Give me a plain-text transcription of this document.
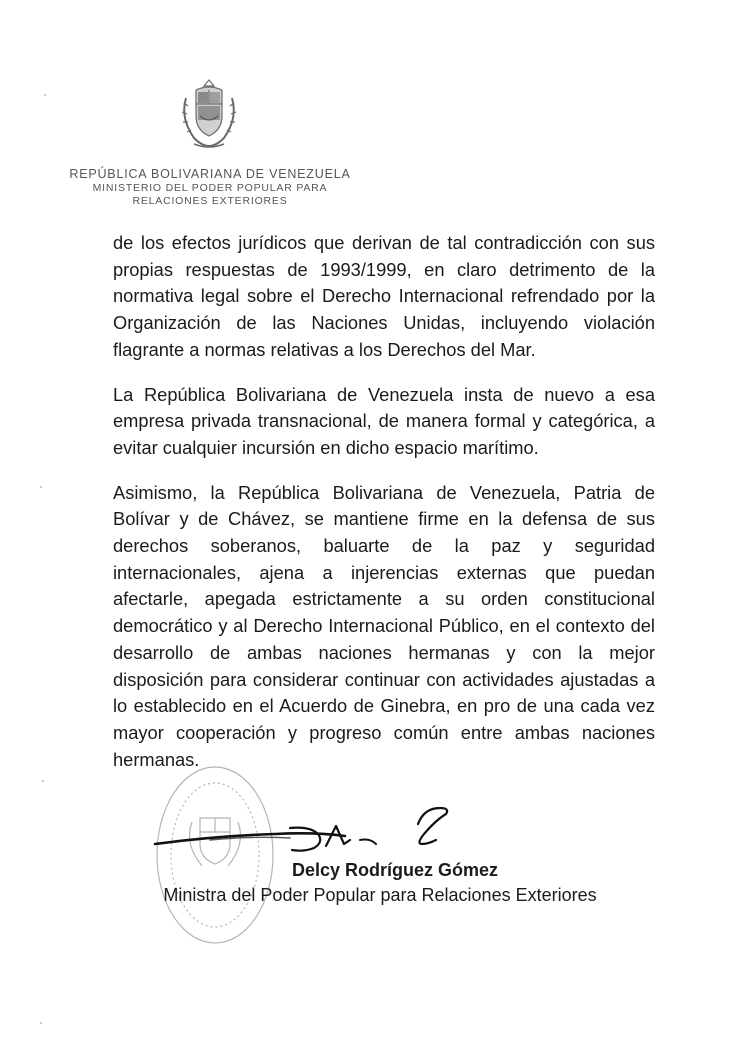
REPÚBLICA BOLIVARIANA DE VENEZUELA
MINISTERIO DEL PODER POPULAR PARA
RELACIONES EXTERIORES

de los efectos jurídicos que derivan de tal contradicción con sus propias respuestas de 1993/1999, en claro detrimento de la normativa legal sobre el Derecho Internacional refrendado por la Organización de las Naciones Unidas, incluyendo violación flagrante a normas relativas a los Derechos del Mar.

La República Bolivariana de Venezuela insta de nuevo a esa empresa privada transnacional, de manera formal y categórica, a evitar cualquier incursión en dicho espacio marítimo.

Asimismo, la República Bolivariana de Venezuela, Patria de Bolívar y de Chávez, se mantiene firme en la defensa de sus derechos soberanos, baluarte de la paz y seguridad internacionales, ajena a injerencias externas que puedan afectarle, apegada estrictamente a su orden constitucional democrático y al Derecho Internacional Público, en el contexto del desarrollo de ambas naciones hermanas y con la mejor disposición para considerar continuar con actividades ajustadas a lo establecido en el Acuerdo de Ginebra, en pro de una cada vez mayor cooperación y progreso común entre ambas naciones hermanas.

Delcy Rodríguez Gómez
Ministra del Poder Popular para Relaciones Exteriores
